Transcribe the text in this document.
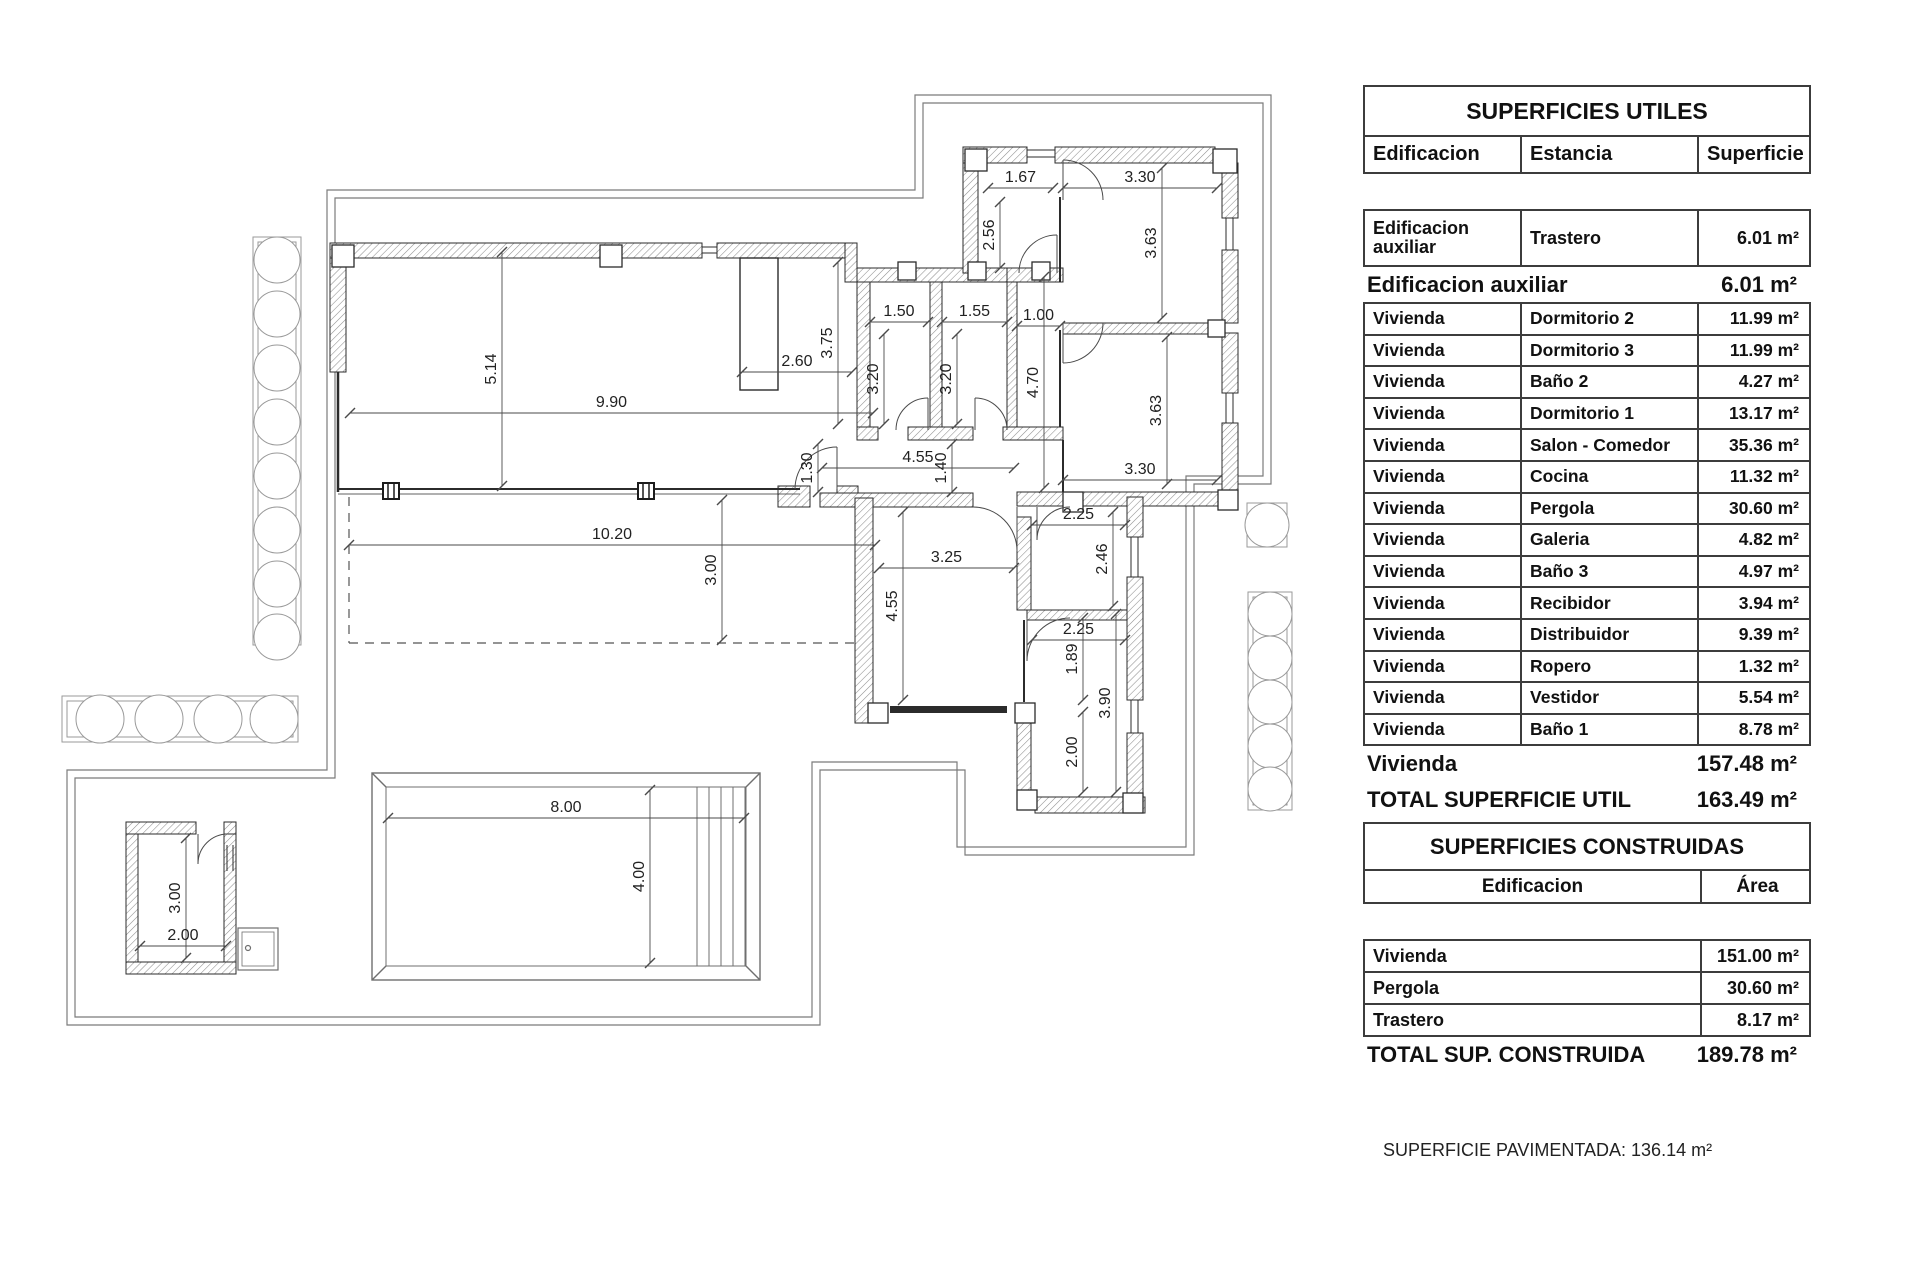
1.67	3.30
2.56	3.63
1.50	1.55 1.00
3.20	3.20
3.75
2.60
5.14
9.90
4.70
3.63
3.30
1.30	4.55 1.40
2.25
2.46
3.25
4.55
2.25
1.89
3.90
2.00
10.20
3.00
8.00
4.00
3.00
2.00
SUPERFICIES UTILES
Edificacion	Estancia	Superficie
Edificacion auxiliar	Trastero	6.01 m²
Edificacion auxiliar	6.01 m²
Vivienda	Dormitorio 2	11.99 m²
Vivienda	Dormitorio 3	11.99 m²
Vivienda	Baño 2	4.27 m²
Vivienda	Dormitorio 1	13.17 m²
Vivienda	Salon - Comedor	35.36 m²
Vivienda	Cocina	11.32 m²
Vivienda	Pergola	30.60 m²
Vivienda	Galeria	4.82 m²
Vivienda	Baño 3	4.97 m²
Vivienda	Recibidor	3.94 m²
Vivienda	Distribuidor	9.39 m²
Vivienda	Ropero	1.32 m²
Vivienda	Vestidor	5.54 m²
Vivienda	Baño 1	8.78 m²
Vivienda	157.48 m²
TOTAL SUPERFICIE UTIL	163.49 m²
SUPERFICIES CONSTRUIDAS
Edificacion	Área
Vivienda	151.00 m²
Pergola	30.60 m²
Trastero	8.17 m²
TOTAL SUP. CONSTRUIDA 189.78 m²
SUPERFICIE PAVIMENTADA: 136.14 m²
